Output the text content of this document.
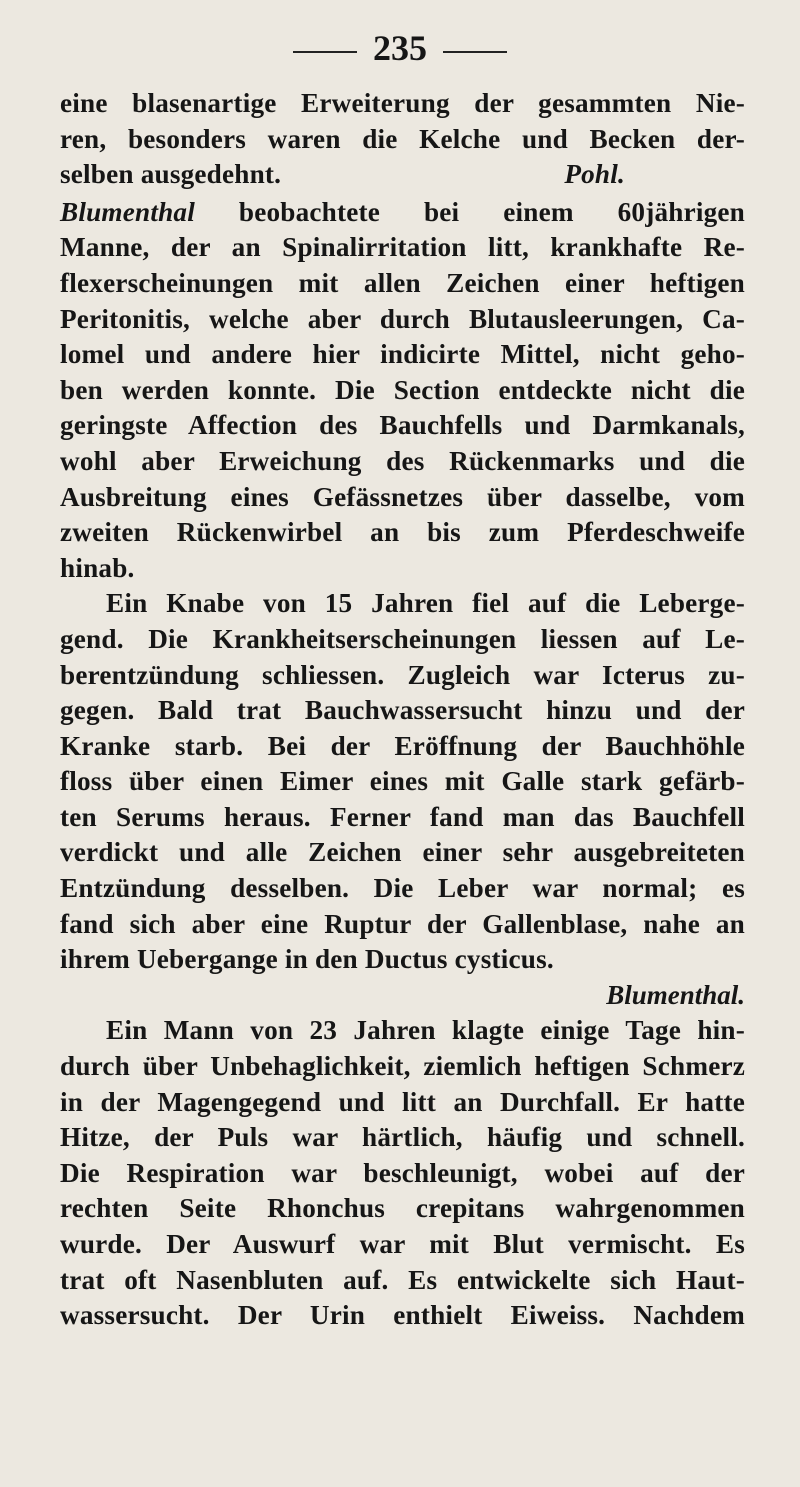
235

eine blasenartige Erweiterung der gesammten Nie-
ren, besonders waren die Kelche und Becken der-
selben ausgedehnt.	Pohl.

Blumenthal beobachtete bei einem 60jährigen
Manne, der an Spinalirritation litt, krankhafte Re-
flexerscheinungen mit allen Zeichen einer heftigen
Peritonitis, welche aber durch Blutausleerungen, Ca-
lomel und andere hier indicirte Mittel, nicht geho-
ben werden konnte. Die Section entdeckte nicht die
geringste Affection des Bauchfells und Darmkanals,
wohl aber Erweichung des Rückenmarks und die
Ausbreitung eines Gefässnetzes über dasselbe, vom
zweiten Rückenwirbel an bis zum Pferdeschweife
hinab.

Ein Knabe von 15 Jahren fiel auf die Leberge-
gend. Die Krankheitserscheinungen liessen auf Le-
berentzündung schliessen. Zugleich war Icterus zu-
gegen. Bald trat Bauchwassersucht hinzu und der
Kranke starb. Bei der Eröffnung der Bauchhöhle
floss über einen Eimer eines mit Galle stark gefärb-
ten Serums heraus. Ferner fand man das Bauchfell
verdickt und alle Zeichen einer sehr ausgebreiteten
Entzündung desselben. Die Leber war normal; es
fand sich aber eine Ruptur der Gallenblase, nahe an
ihrem Uebergange in den Ductus cysticus.

Blumenthal.

Ein Mann von 23 Jahren klagte einige Tage hin-
durch über Unbehaglichkeit, ziemlich heftigen Schmerz
in der Magengegend und litt an Durchfall. Er hatte
Hitze, der Puls war härtlich, häufig und schnell.
Die Respiration war beschleunigt, wobei auf der
rechten Seite Rhonchus crepitans wahrgenommen
wurde. Der Auswurf war mit Blut vermischt. Es
trat oft Nasenbluten auf. Es entwickelte sich Haut-
wassersucht. Der Urin enthielt Eiweiss. Nachdem
